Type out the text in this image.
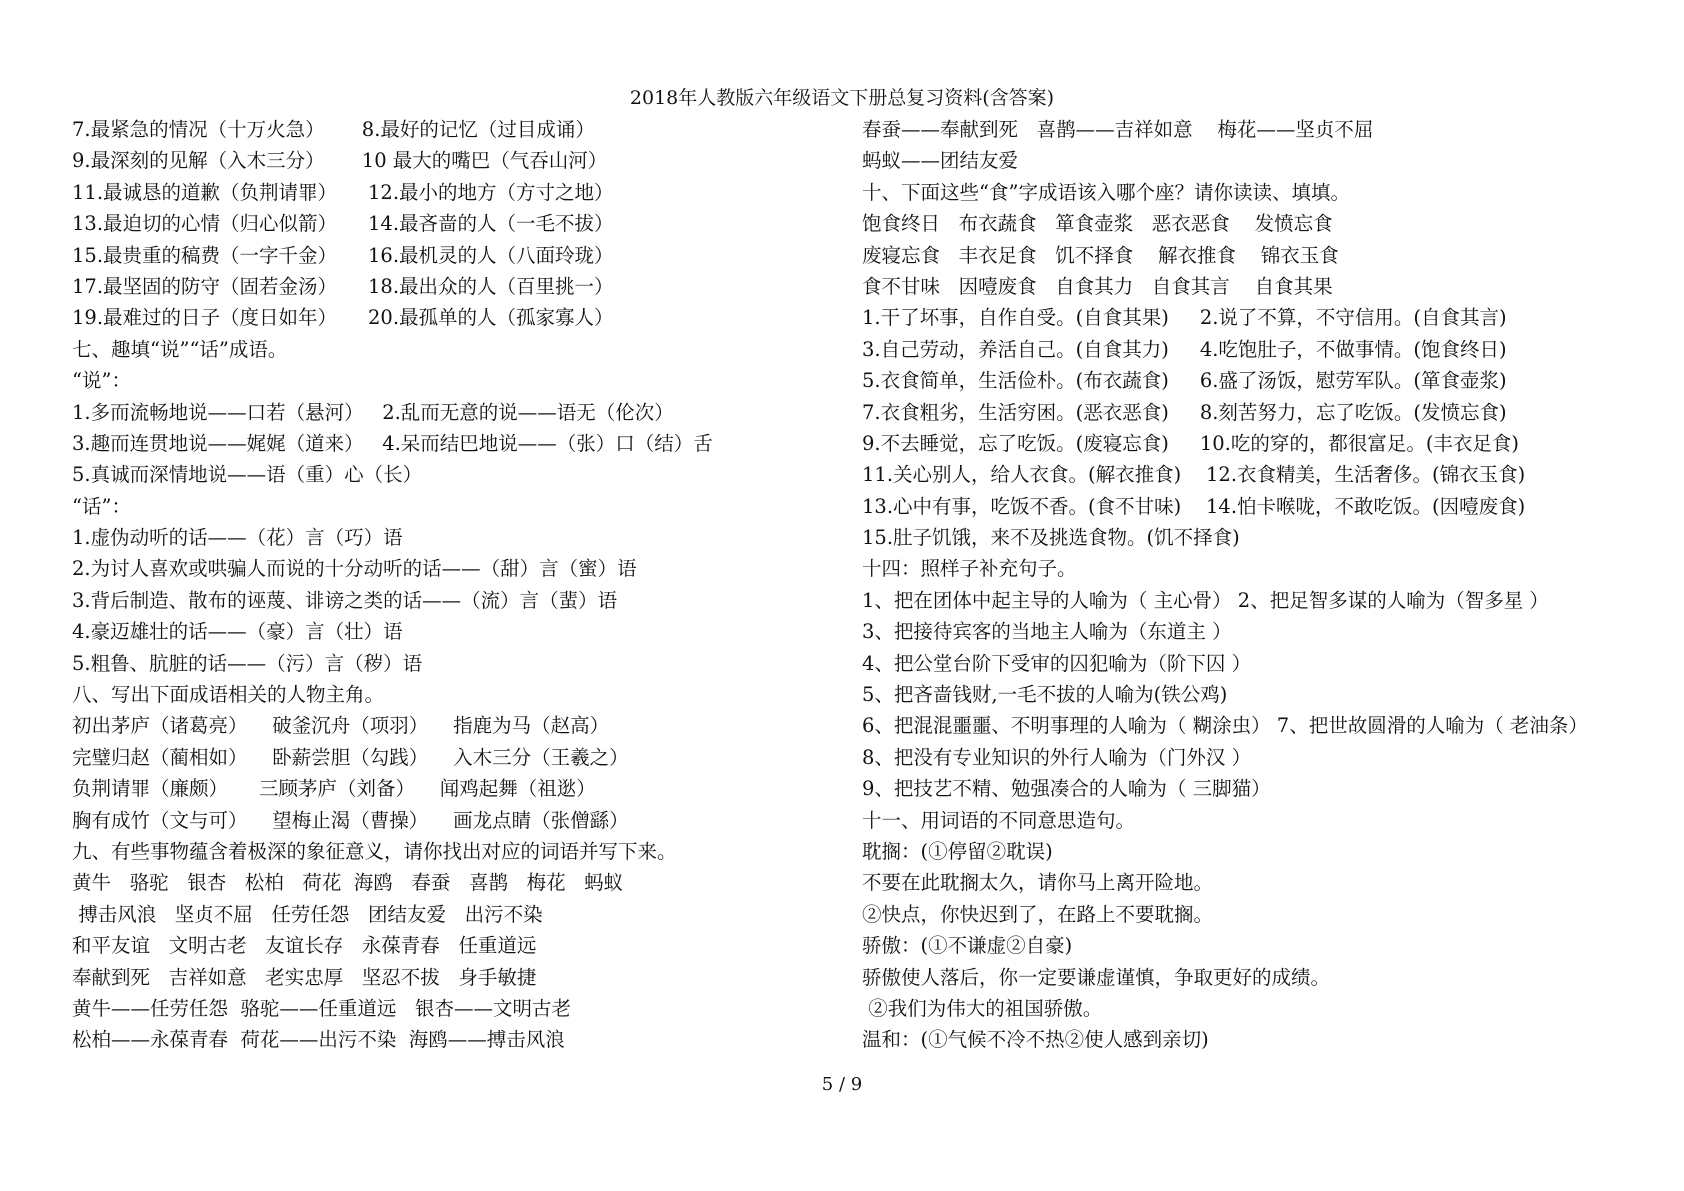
2018年人教版六年级语文下册总复习资料(含答案)
7.最紧急的情况（十万火急）      8.最好的记忆（过目成诵）
9.最深刻的见解（入木三分）      10 最大的嘴巴（气吞山河）
11.最诚恳的道歉（负荆请罪）     12.最小的地方（方寸之地）
13.最迫切的心情（归心似箭）     14.最吝啬的人（一毛不拔）
15.最贵重的稿费（一字千金）     16.最机灵的人（八面玲珑）
17.最坚固的防守（固若金汤）     18.最出众的人（百里挑一）
19.最难过的日子（度日如年）     20.最孤单的人（孤家寡人）
七、趣填“说”“话”成语。
“说”：
1.多而流畅地说——口若（悬河）   2.乱而无意的说——语无（伦次）
3.趣而连贯地说——娓娓（道来）   4.呆而结巴地说——（张）口（结）舌
5.真诚而深情地说——语（重）心（长）
“话”：
1.虚伪动听的话——（花）言（巧）语
2.为讨人喜欢或哄骗人而说的十分动听的话——（甜）言（蜜）语
3.背后制造、散布的诬蔑、诽谤之类的话——（流）言（蜚）语
4.豪迈雄壮的话——（豪）言（壮）语
5.粗鲁、肮脏的话——（污）言（秽）语
八、写出下面成语相关的人物主角。
初出茅庐（诸葛亮）    破釜沉舟（项羽）    指鹿为马（赵高）
完璧归赵（蔺相如）    卧薪尝胆（勾践）    入木三分（王羲之）
负荆请罪（廉颇）     三顾茅庐（刘备）    闻鸡起舞（祖逖）
胸有成竹（文与可）    望梅止渴（曹操）    画龙点睛（张僧繇）
九、有些事物蕴含着极深的象征意义，请你找出对应的词语并写下来。
黄牛   骆驼   银杏   松柏   荷花  海鸥   春蚕   喜鹊   梅花   蚂蚁
搏击风浪   坚贞不屈   任劳任怨   团结友爱   出污不染
和平友谊   文明古老   友谊长存   永葆青春   任重道远
奉献到死   吉祥如意   老实忠厚   坚忍不拔   身手敏捷
黄牛——任劳任怨  骆驼——任重道远   银杏——文明古老
松柏——永葆青春  荷花——出污不染  海鸥——搏击风浪
春蚕——奉献到死   喜鹊——吉祥如意    梅花——坚贞不屈
蚂蚁——团结友爱
十、下面这些“食”字成语该入哪个座？请你读读、填填。
饱食终日   布衣蔬食   箪食壶浆   恶衣恶食    发愤忘食
废寝忘食   丰衣足食   饥不择食    解衣推食    锦衣玉食
食不甘味   因噎废食   自食其力   自食其言    自食其果
1.干了坏事，自作自受。(自食其果)     2.说了不算，不守信用。(自食其言)
3.自己劳动，养活自己。(自食其力)     4.吃饱肚子，不做事情。(饱食终日)
5.衣食简单，生活俭朴。(布衣蔬食)     6.盛了汤饭，慰劳军队。(箪食壶浆)
7.衣食粗劣，生活穷困。(恶衣恶食)     8.刻苦努力，忘了吃饭。(发愤忘食)
9.不去睡觉，忘了吃饭。(废寝忘食)     10.吃的穿的，都很富足。(丰衣足食)
11.关心别人，给人衣食。(解衣推食)    12.衣食精美，生活奢侈。(锦衣玉食)
13.心中有事，吃饭不香。(食不甘味)    14.怕卡喉咙，不敢吃饭。(因噎废食)
15.肚子饥饿，来不及挑选食物。(饥不择食)
十四：照样子补充句子。
1、把在团体中起主导的人喻为（ 主心骨） 2、把足智多谋的人喻为（智多星 ）
3、把接待宾客的当地主人喻为（东道主 ）
4、把公堂台阶下受审的囚犯喻为（阶下囚 ）
5、把吝啬钱财,一毛不拔的人喻为(铁公鸡)
6、把混混噩噩、不明事理的人喻为（ 糊涂虫） 7、把世故圆滑的人喻为（ 老油条）
8、把没有专业知识的外行人喻为（门外汉 ）
9、把技艺不精、勉强凑合的人喻为（ 三脚猫）
十一、用词语的不同意思造句。
耽搁：(①停留②耽误)
不要在此耽搁太久，请你马上离开险地。
②快点，你快迟到了，在路上不要耽搁。
骄傲：(①不谦虚②自豪)
骄傲使人落后，你一定要谦虚谨慎，争取更好的成绩。
②我们为伟大的祖国骄傲。
温和：(①气候不冷不热②使人感到亲切)
5 / 9
